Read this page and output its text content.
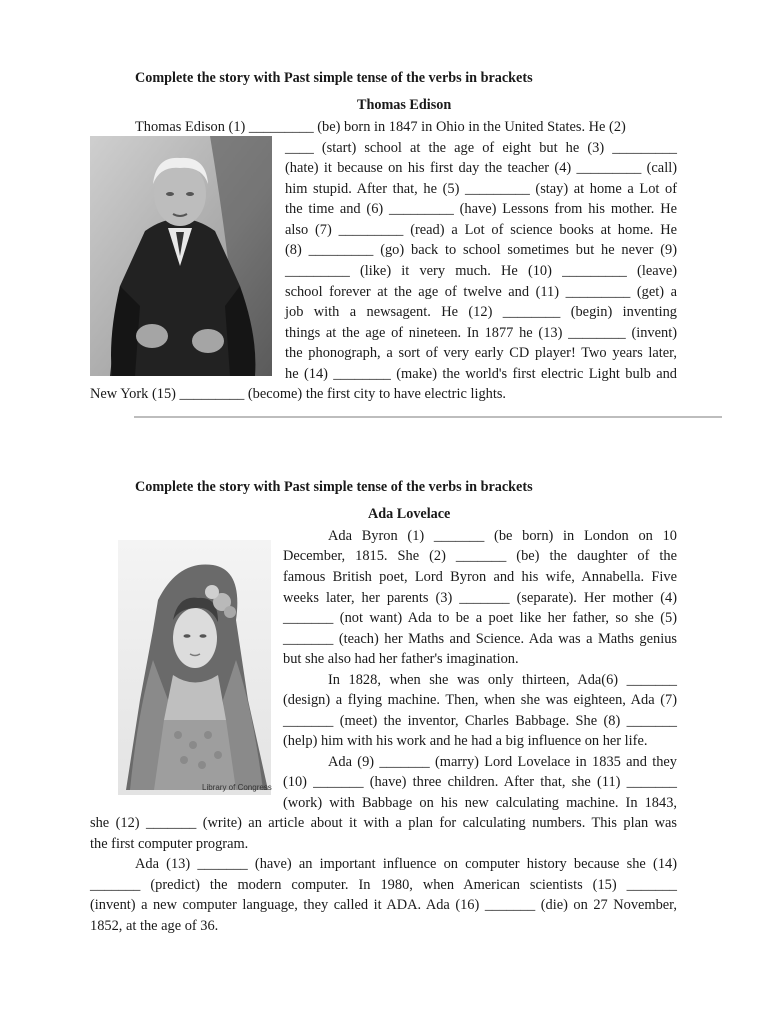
Complete the story with Past simple tense of the verbs in brackets
Thomas Edison
Thomas Edison (1) _________ (be) born in 1847 in Ohio in the United States. He (2)
____ (start) school at the age of eight but he (3) _________
(hate) it because on his first day the teacher (4) _________ (call)
him stupid. After that, he (5) _________ (stay) at home a Lot of
the time and (6) _________ (have) Lessons from his mother. He
also (7) _________ (read) a Lot of science books at home. He
(8) _________ (go) back to school sometimes but he never (9)
_________ (like) it very much. He (10) _________ (leave)
school forever at the age of twelve and (11) _________ (get) a
job with a newsagent. He (12) ________ (begin) inventing
things at the age of nineteen. In 1877 he (13) ________ (invent)
the phonograph, a sort of very early CD player! Two years later,
he (14) ________ (make) the world's first electric Light bulb and
New York (15) _________ (become) the first city to have electric lights.
Complete the story with Past simple tense of the verbs in brackets
Ada Lovelace
Library of Congress
Ada Byron (1) _______ (be born) in London on 10
December, 1815. She (2) _______ (be) the daughter of the
famous British poet, Lord Byron and his wife, Annabella. Five
weeks later, her parents (3) _______ (separate). Her mother (4)
_______ (not want) Ada to be a poet like her father, so she (5)
_______ (teach) her Maths and Science. Ada was a Maths genius
but she also had her father's imagination.
In 1828, when she was only thirteen, Ada(6) _______
(design) a flying machine. Then, when she was eighteen, Ada (7)
_______ (meet) the inventor, Charles Babbage. She (8) _______
(help) him with his work and he had a big influence on her life.
Ada (9) _______ (marry) Lord Lovelace in 1835 and they
(10) _______ (have) three children. After that, she (11) _______
(work) with Babbage on his new calculating machine. In 1843,
she (12) _______ (write) an article about it with a plan for calculating numbers. This plan was
the first computer program.
Ada (13) _______ (have) an important influence on computer history because she (14)
_______ (predict) the modern computer. In 1980, when American scientists (15) _______
(invent) a new computer language, they called it ADA. Ada (16) _______ (die) on 27 November,
1852, at the age of 36.
